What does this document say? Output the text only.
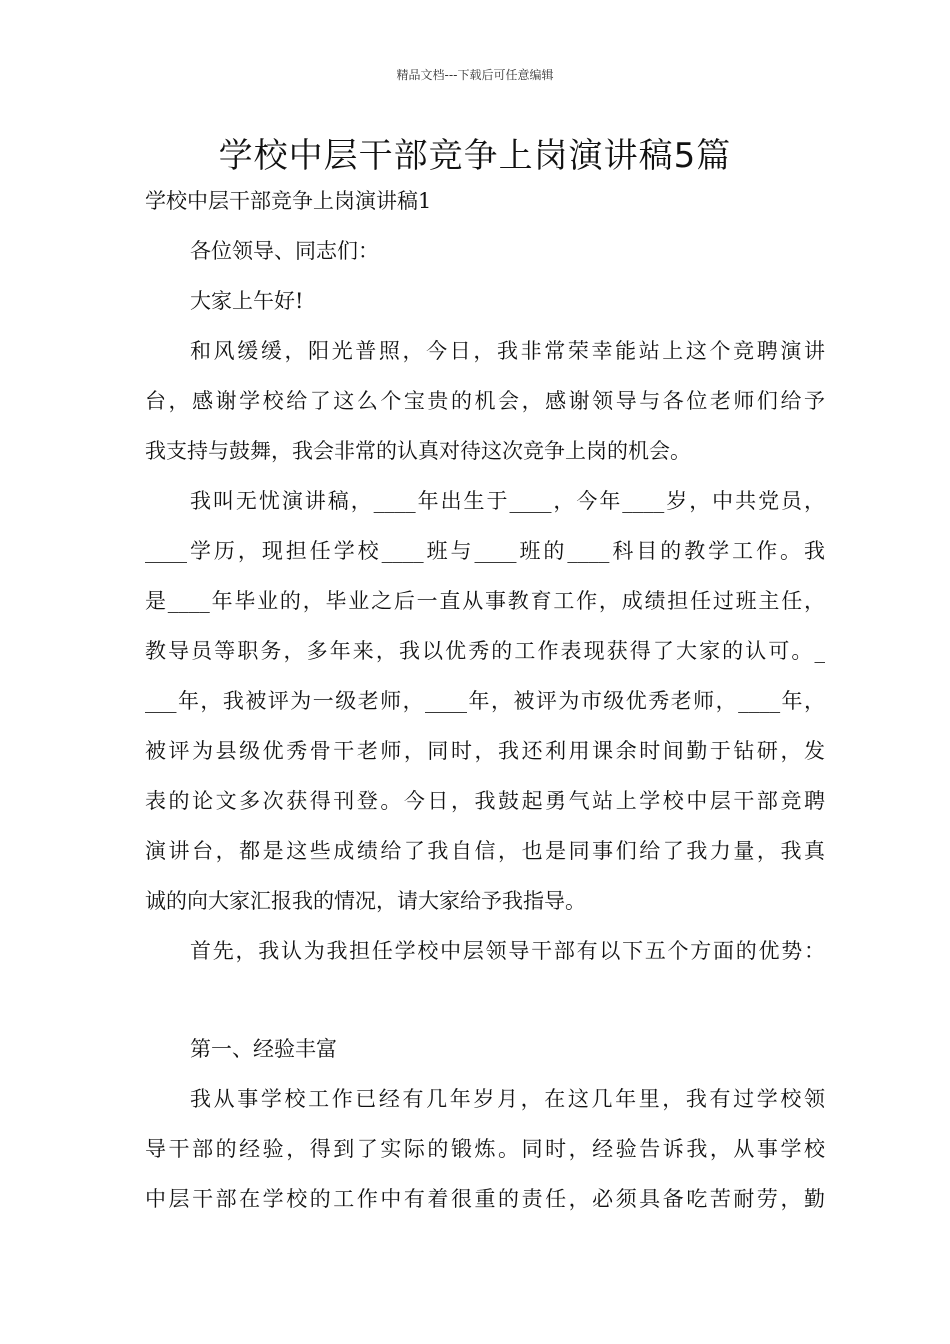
精品文档---下载后可任意编辑
学校中层干部竞争上岗演讲稿5篇
学校中层干部竞争上岗演讲稿1
各位领导、同志们：
大家上午好!
和风缓缓，阳光普照，今日，我非常荣幸能站上这个竞聘演讲
台，感谢学校给了这么个宝贵的机会，感谢领导与各位老师们给予
我支持与鼓舞，我会非常的认真对待这次竞争上岗的机会。
我叫无忧演讲稿，____年出生于____，今年____岁，中共党员，
____学历，现担任学校____班与____班的____科目的教学工作。我
是____年毕业的，毕业之后一直从事教育工作，成绩担任过班主任，
教导员等职务，多年来，我以优秀的工作表现获得了大家的认可。_
___年，我被评为一级老师，____年，被评为市级优秀老师，____年，
被评为县级优秀骨干老师，同时，我还利用课余时间勤于钻研，发
表的论文多次获得刊登。今日，我鼓起勇气站上学校中层干部竞聘
演讲台，都是这些成绩给了我自信，也是同事们给了我力量，我真
诚的向大家汇报我的情况，请大家给予我指导。
首先，我认为我担任学校中层领导干部有以下五个方面的优势：
第一、经验丰富
我从事学校工作已经有几年岁月，在这几年里，我有过学校领
导干部的经验，得到了实际的锻炼。同时，经验告诉我，从事学校
中层干部在学校的工作中有着很重的责任，必须具备吃苦耐劳，勤
